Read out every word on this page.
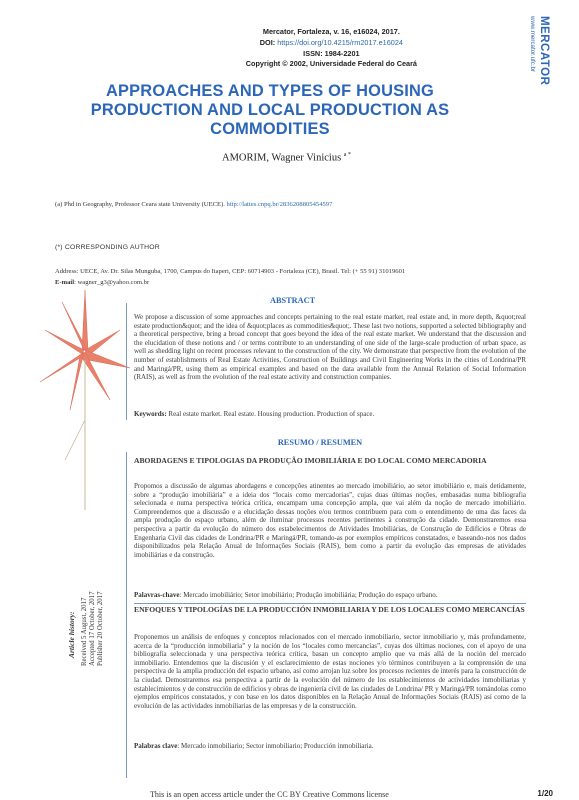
Mercator, Fortaleza, v. 16, e16024, 2017.
DOI: https://doi.org/10.4215/rm2017.e16024
ISSN: 1984-2201
Copyright © 2002, Universidade Federal do Ceará	MERCATOR
www.mercator.ufc.br
APPROACHES AND TYPES OF HOUSING PRODUCTION AND LOCAL PRODUCTION AS COMMODITIES
AMORIM, Wagner Vinicius $^{a *}$
(a) Phd in Geography, Professor Ceara state University (UECE). http://lattes.cnpq.br/2836208805454597
(*) CORRESPONDING AUTHOR
Address: UECE, Av. Dr. Silas Munguba, 1700, Campus do Itaperi, CEP: 60714903 - Fortaleza (CE), Brasil. Tel: (+ 55 91) 31019601
E-mail: wagner_g3@yahoo.com.br
ABSTRACT
We propose a discussion of some approaches and concepts pertaining to the real estate market, real estate and, in more depth, &quot;real estate production&quot; and the idea of &quot;places as commodities&quot;. These last two notions, supported a selected bibliography and a theoretical perspective, bring a broad concept that goes beyond the idea of the real estate market. We understand that the discussion and the elucidation of these notions and / or terms contribute to an understanding of one side of the large-scale production of urban space, as well as shedding light on recent processes relevant to the construction of the city. We demonstrate that perspective from the evolution of the number of establishments of Real Estate Activities, Construction of Buildings and Civil Engineering Works in the cities of Londrina/PR and Maringá/PR, using them as empirical examples and based on the data available from the Annual Relation of Social Information (RAIS), as well as from the evolution of the real estate activity and construction companies.
Keywords: Real estate market. Real estate. Housing production. Production of space.
RESUMO / RESUMEN
ABORDAGENS E TIPOLOGIAS DA PRODUÇÃO IMOBILIÁRIA E DO LOCAL COMO MERCADORIA
Propomos a discussão de algumas abordagens e concepções atinentes ao mercado imobiliário, ao setor imobiliário e, mais detidamente, sobre a “produção imobiliária” e a ideia dos “locais como mercadorias”, cujas duas últimas noções, embasadas numa bibliografia selecionada e numa perspectiva teórica crítica, encampam uma concepção ampla, que vai além da noção de mercado imobiliário. Compreendemos que a discussão e a elucidação dessas noções e/ou termos contribuem para com o entendimento de uma das faces da ampla produção do espaço urbano, além de iluminar processos recentes pertinentes à construção da cidade. Demonstraremos essa perspectiva a partir da evolução do número dos estabelecimentos de Atividades Imobiliárias, de Construção de Edifícios e Obras de Engenharia Civil das cidades de Londrina/PR e Maringá/PR, tomando-as por exemplos empíricos constatados, e baseando-nos nos dados disponibilizados pela Relação Anual de Informações Sociais (RAIS), bem como a partir da evolução das empresas de atividades imobiliárias e da construção.
Palavras-chave: Mercado imobiliário; Setor imobiliário; Produção imobiliária; Produção do espaço urbano.
ENFOQUES Y TIPOLOGÍAS DE LA PRODUCCIÓN INMOBILIARIA Y DE LOS LOCALES COMO MERCANCÍAS
Proponemos un análisis de enfoques y conceptos relacionados con el mercado inmobiliario, sector inmobiliario y, más profundamente, acerca de la “producción inmobiliaria” y la noción de los “locales como mercancías”, cuyas dos últimas nociones, con el apoyo de una bibliografía seleccionada y una perspectiva teórica crítica, basan un concepto amplio que va más allá de la noción del mercado inmobiliario. Entendemos que la discusión y el esclarecimiento de estas nociones y/o términos contribuyen a la comprensión de una perspectiva de la amplia producción del espacio urbano, así como arrojan luz sobre los procesos recientes de interés para la construcción de la ciudad. Demostraremos esa perspectiva a partir de la evolución del número de los establecimientos de actividades inmobiliarias y establecimientos y de construcción de edificios y obras de ingeniería civil de las ciudades de Londrina/ PR y Maringá/PR tomándolas como ejemplos empíricos constatados, y con base en los datos disponibles en la Relação Anual de Informações Sociais (RAIS) así como de la evolución de las actividades inmobiliarias de las empresas y de la construcción.
Palabras clave: Mercado inmobiliario; Sector inmobiliario; Producción inmobiliaria.
Article history: Received 5 August, 2017 Accepted 17 October, 2017 Publisher 20 October, 2017
This is an open access article under the CC BY Creative Commons license	1/20
